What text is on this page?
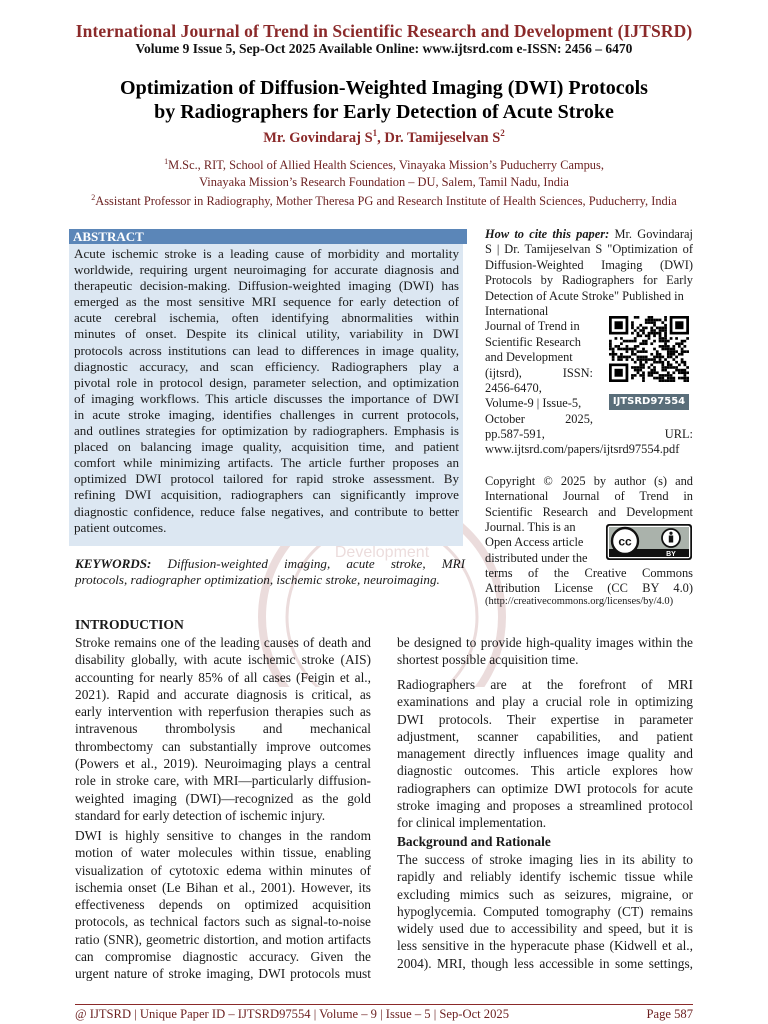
International Journal of Trend in Scientific Research and Development (IJTSRD)
Volume 9 Issue 5, Sep-Oct 2025 Available Online: www.ijtsrd.com e-ISSN: 2456 – 6470
Optimization of Diffusion-Weighted Imaging (DWI) Protocols
by Radiographers for Early Detection of Acute Stroke
Mr. Govindaraj $S^1$, Dr. Tamijeselvan $S^2$
$^1$M.Sc., RIT, School of Allied Health Sciences, Vinayaka Mission’s Puducherry Campus,
Vinayaka Mission’s Research Foundation – DU, Salem, Tamil Nadu, India
$^2$Assistant Professor in Radiography, Mother Theresa PG and Research Institute of Health Sciences, Puducherry, India
Development
ABSTRACT
Acute ischemic stroke is a leading cause of morbidity and mortality
worldwide, requiring urgent neuroimaging for accurate diagnosis and
therapeutic decision-making. Diffusion-weighted imaging (DWI) has
emerged as the most sensitive MRI sequence for early detection of
acute cerebral ischemia, often identifying abnormalities within
minutes of onset. Despite its clinical utility, variability in DWI
protocols across institutions can lead to differences in image quality,
diagnostic accuracy, and scan efficiency. Radiographers play a
pivotal role in protocol design, parameter selection, and optimization
of imaging workflows. This article discusses the importance of DWI
in acute stroke imaging, identifies challenges in current protocols,
and outlines strategies for optimization by radiographers. Emphasis is
placed on balancing image quality, acquisition time, and patient
comfort while minimizing artifacts. The article further proposes an
optimized DWI protocol tailored for rapid stroke assessment. By
refining DWI acquisition, radiographers can significantly improve
diagnostic confidence, reduce false negatives, and contribute to better
patient outcomes.
KEYWORDS: Diffusion-weighted imaging, acute stroke, MRI
protocols, radiographer optimization, ischemic stroke, neuroimaging.
How to cite this paper: Mr. Govindaraj
S | Dr. Tamijeselvan S "Optimization of
Diffusion-Weighted Imaging (DWI)
Protocols by Radiographers for Early
Detection of Acute Stroke" Published in
International
Journal of Trend in
Scientific Research
and Development
(ijtsrd), ISSN:
2456-6470,
Volume-9 | Issue-5,
October 2025,
pp.587-591, URL:
www.ijtsrd.com/papers/ijtsrd97554.pdf
IJTSRD97554
Copyright © 2025 by author (s) and
International Journal of Trend in
Scientific Research and Development
Journal. This is an
Open Access article
distributed under the
cc
BY
terms of the Creative Commons
Attribution License (CC BY 4.0)
(http://creativecommons.org/licenses/by/4.0)
INTRODUCTION
Stroke remains one of the leading causes of death and
disability globally, with acute ischemic stroke (AIS)
accounting for nearly 85% of all cases (Feigin et al.,
2021). Rapid and accurate diagnosis is critical, as
early intervention with reperfusion therapies such as
intravenous thrombolysis and mechanical
thrombectomy can substantially improve outcomes
(Powers et al., 2019). Neuroimaging plays a central
role in stroke care, with MRI—particularly diffusion-
weighted imaging (DWI)—recognized as the gold
standard for early detection of ischemic injury.
DWI is highly sensitive to changes in the random
motion of water molecules within tissue, enabling
visualization of cytotoxic edema within minutes of
ischemia onset (Le Bihan et al., 2001). However, its
effectiveness depends on optimized acquisition
protocols, as technical factors such as signal-to-noise
ratio (SNR), geometric distortion, and motion artifacts
can compromise diagnostic accuracy. Given the
urgent nature of stroke imaging, DWI protocols must
be designed to provide high-quality images within the
shortest possible acquisition time.
Radiographers are at the forefront of MRI
examinations and play a crucial role in optimizing
DWI protocols. Their expertise in parameter
adjustment, scanner capabilities, and patient
management directly influences image quality and
diagnostic outcomes. This article explores how
radiographers can optimize DWI protocols for acute
stroke imaging and proposes a streamlined protocol
for clinical implementation.
Background and Rationale
The success of stroke imaging lies in its ability to
rapidly and reliably identify ischemic tissue while
excluding mimics such as seizures, migraine, or
hypoglycemia. Computed tomography (CT) remains
widely used due to accessibility and speed, but it is
less sensitive in the hyperacute phase (Kidwell et al.,
2004). MRI, though less accessible in some settings,
@ IJTSRD | Unique Paper ID – IJTSRD97554 | Volume – 9 | Issue – 5 | Sep-Oct 2025	Page 587
